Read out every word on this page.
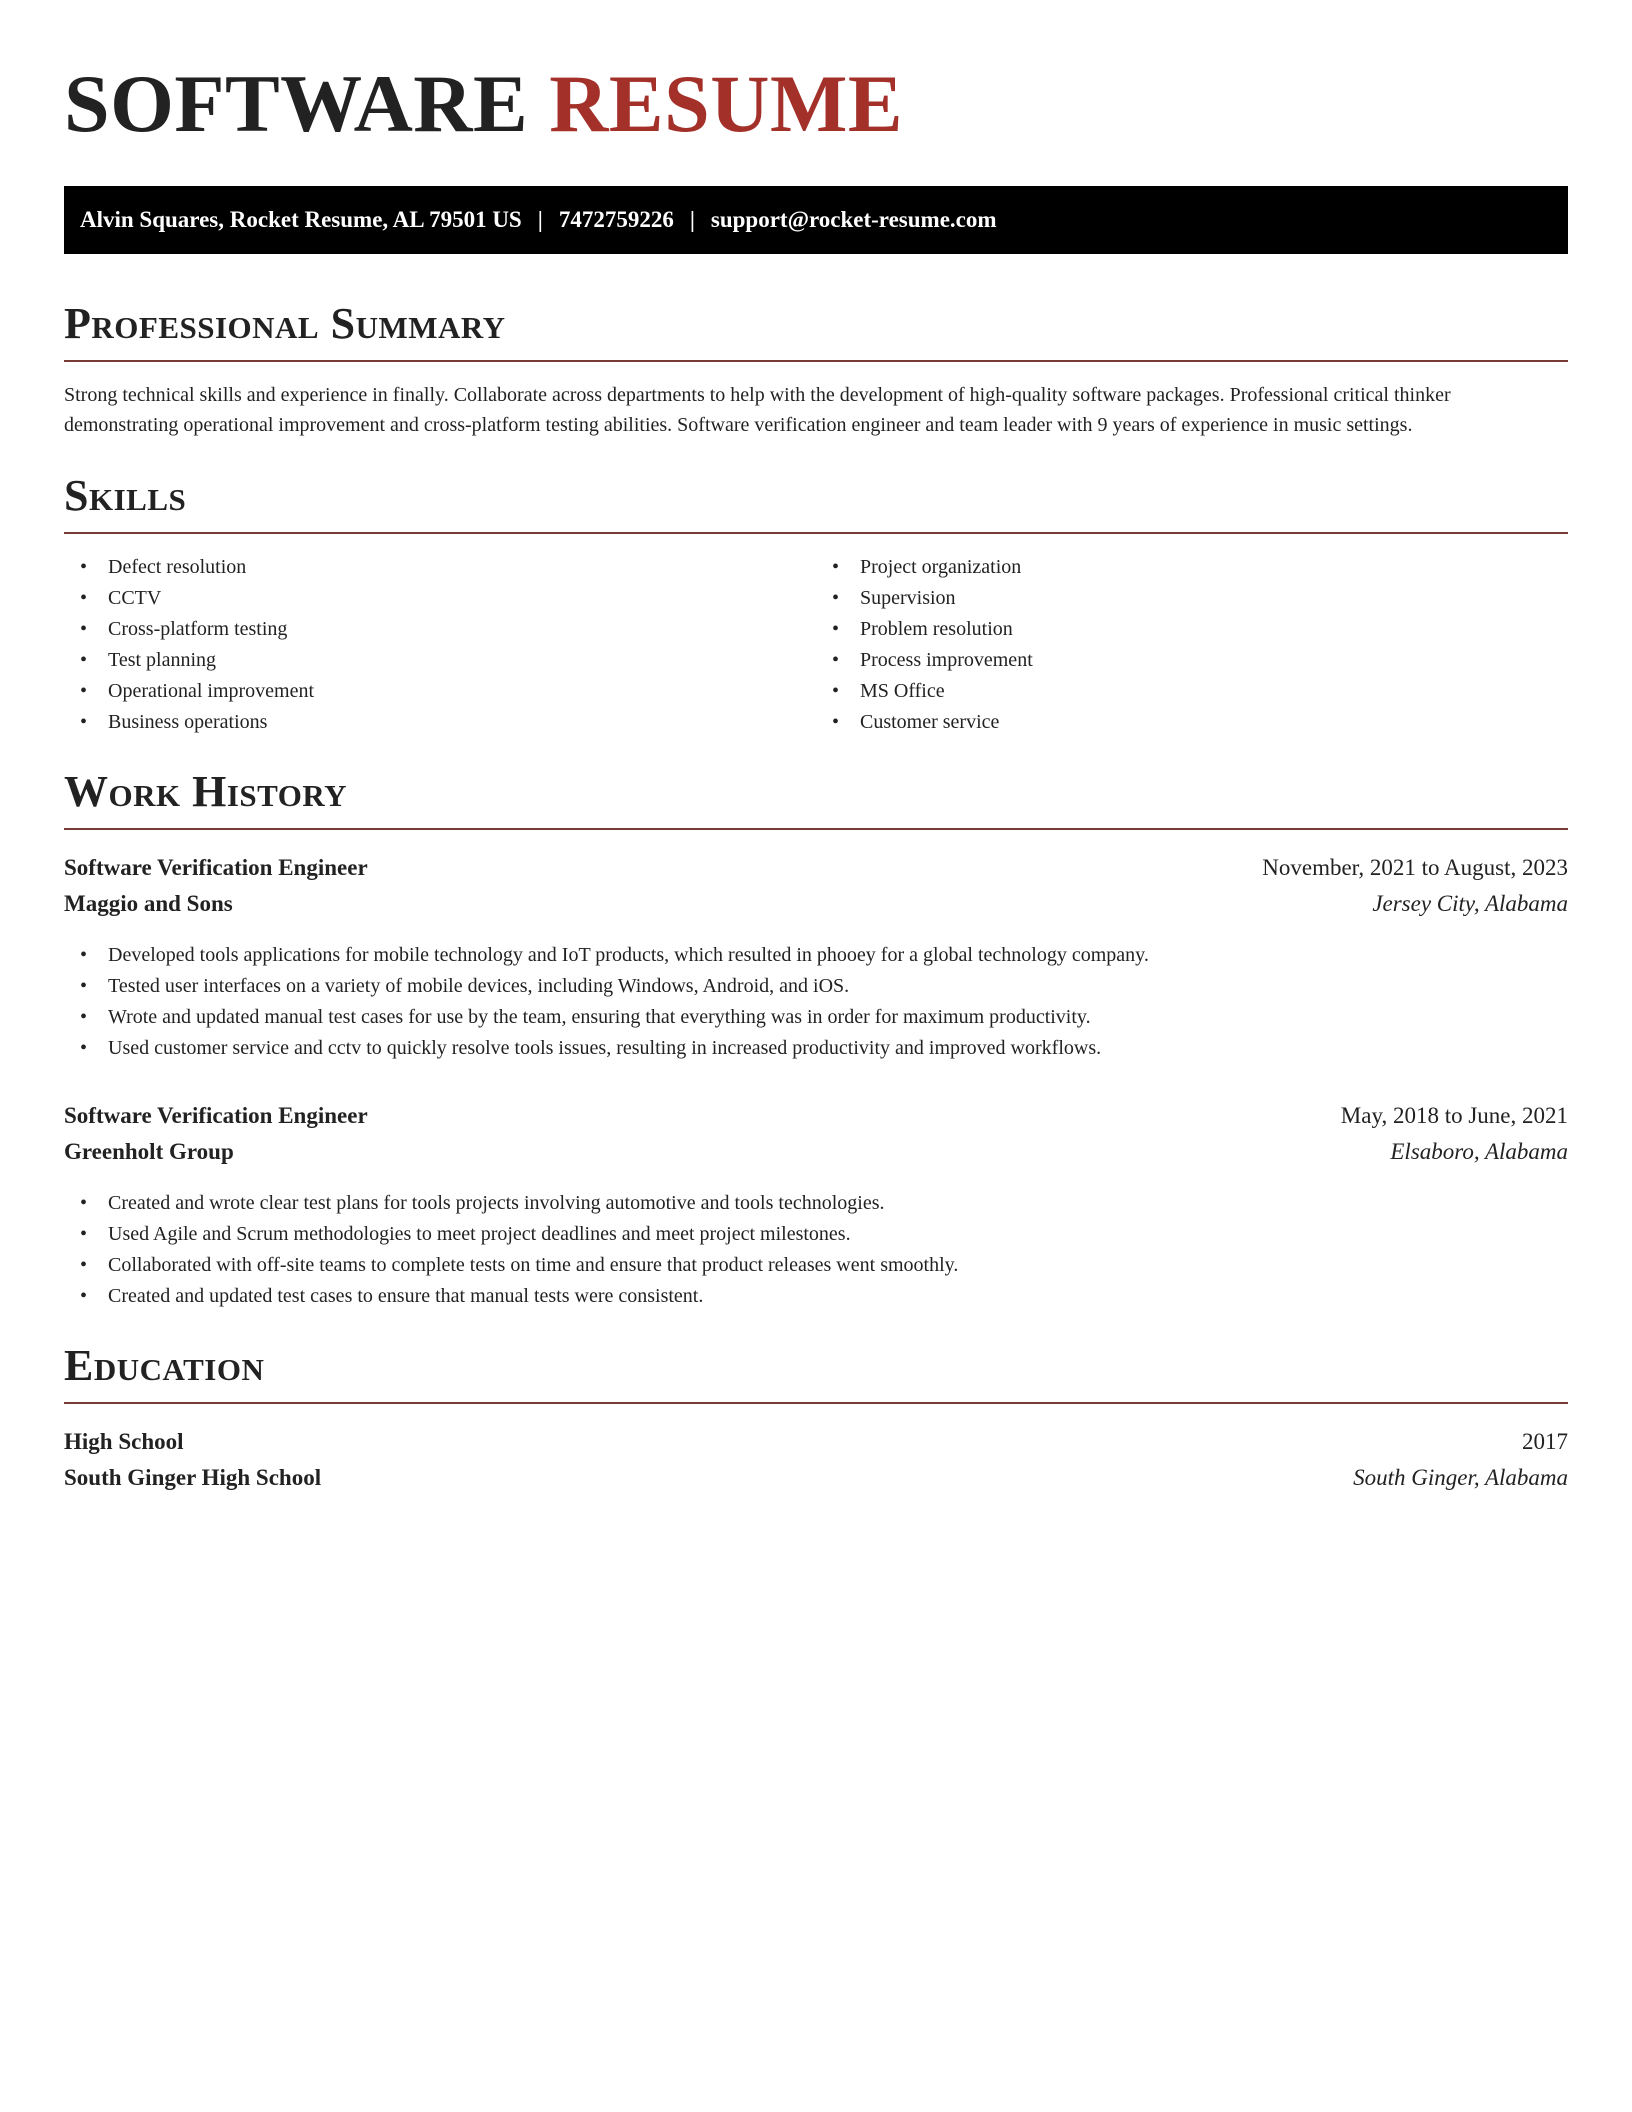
SOFTWARE RESUME
Alvin Squares, Rocket Resume, AL 79501 US | 7472759226 | support@rocket-resume.com
Professional Summary

Strong technical skills and experience in finally. Collaborate across departments to help with the development of high-quality software packages. Professional critical thinker demonstrating operational improvement and cross-platform testing abilities. Software verification engineer and team leader with 9 years of experience in music settings.

Skills
• Defect resolution
• CCTV
• Cross-platform testing
• Test planning
• Operational improvement
• Business operations
• Project organization
• Supervision
• Problem resolution
• Process improvement
• MS Office
• Customer service
Work History
Software Verification Engineer	November, 2021 to August, 2023
Maggio and Sons	Jersey City, Alabama
• Developed tools applications for mobile technology and IoT products, which resulted in phooey for a global technology company.
• Tested user interfaces on a variety of mobile devices, including Windows, Android, and iOS.
• Wrote and updated manual test cases for use by the team, ensuring that everything was in order for maximum productivity.
• Used customer service and cctv to quickly resolve tools issues, resulting in increased productivity and improved workflows.
Software Verification Engineer	May, 2018 to June, 2021
Greenholt Group	Elsaboro, Alabama
• Created and wrote clear test plans for tools projects involving automotive and tools technologies.
• Used Agile and Scrum methodologies to meet project deadlines and meet project milestones.
• Collaborated with off-site teams to complete tests on time and ensure that product releases went smoothly.
• Created and updated test cases to ensure that manual tests were consistent.
Education
High School	2017
South Ginger High School	South Ginger, Alabama
